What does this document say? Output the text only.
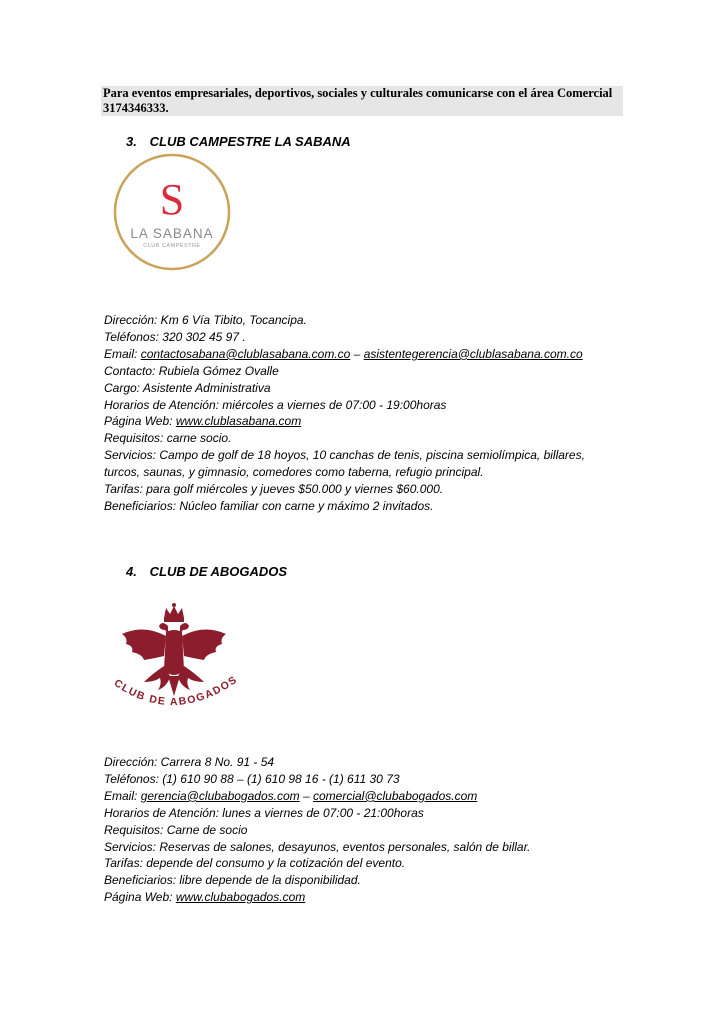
Para eventos empresariales, deportivos, sociales y culturales comunicarse con el área Comercial 3174346333.
3. CLUB CAMPESTRE LA SABANA
S
LA SABANA
CLUB CAMPESTRE

Dirección: Km 6 Vía Tibito, Tocancipa.

Teléfonos: 320 302 45 97 .

Email: contactosabana@clublasabana.com.co – asistentegerencia@clublasabana.com.co

Contacto: Rubiela Gómez Ovalle

Cargo: Asistente Administrativa

Horarios de Atención: miércoles a viernes de 07:00 - 19:00horas

Página Web: www.clublasabana.com

Requisitos: carne socio.

Servicios: Campo de golf de 18 hoyos, 10 canchas de tenis, piscina semiolímpica, billares,

turcos, saunas, y gimnasio, comedores como taberna, refugio principal.

Tarifas: para golf miércoles y jueves $50.000 y viernes $60.000.

Beneficiarios: Núcleo familiar con carne y máximo 2 invitados.

4. CLUB DE ABOGADOS
CLUB DE ABOGADOS

Dirección: Carrera 8 No. 91 - 54

Teléfonos: (1) 610 90 88 – (1) 610 98 16 - (1) 611 30 73

Email: gerencia@clubabogados.com – comercial@clubabogados.com

Horarios de Atención: lunes a viernes de 07:00 - 21:00horas

Requisitos: Carne de socio

Servicios: Reservas de salones, desayunos, eventos personales, salón de billar.

Tarifas: depende del consumo y la cotización del evento.

Beneficiarios: libre depende de la disponibilidad.

Página Web: www.clubabogados.com
